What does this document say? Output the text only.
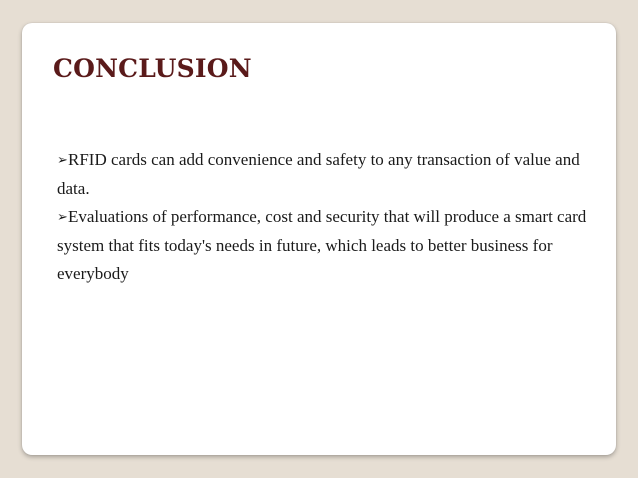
CONCLUSION
➢RFID cards can add convenience and safety to any transaction of value and data.
➢Evaluations of performance, cost and security that will produce a smart card system that fits today's needs in future, which leads to better business for everybody
